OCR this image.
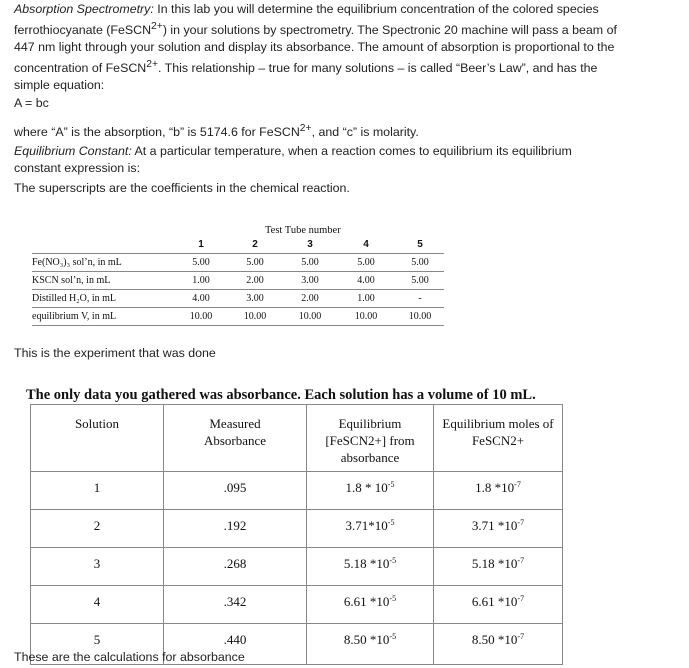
Absorption Spectrometry: In this lab you will determine the equilibrium concentration of the colored species ferrothiocyanate (FeSCN$^{2+}$) in your solutions by spectrometry. The Spectronic 20 machine will pass a beam of 447 nm light through your solution and display its absorbance. The amount of absorption is proportional to the concentration of FeSCN$^{2+}$. This relationship – true for many solutions – is called “Beer’s Law”, and has the simple equation:

A = bc
where “A” is the absorption, “b” is 5174.6 for FeSCN$^{2+}$, and “c” is molarity.
Equilibrium Constant: At a particular temperature, when a reaction comes to equilibrium its equilibrium constant expression is:
The superscripts are the coefficients in the chemical reaction.
Test Tube number
1	2	3	4	5
Fe(NO₃)₃ sol’n, in mL	5.00	5.00	5.00	5.00	5.00
KSCN sol’n, in mL	1.00	2.00	3.00	4.00	5.00
Distilled H₂O, in mL	4.00	3.00	2.00	1.00	-
equilibrium V, in mL	10.00	10.00	10.00	10.00	10.00
This is the experiment that was done
The only data you gathered was absorbance. Each solution has a volume of 10 mL.
Solution	Measured Absorbance	Equilibrium [FeSCN2+] from absorbance	Equilibrium moles of FeSCN2+

1	.095	$1.8 * 10^{-5}$	1.8 $*10^{-7}$
2	.192	$3.71*10^{-5}$	3.71 $*10^{-7}$
3	.268	5.18 $*10^{-5}$	5.18 $*10^{-7}$
4	.342	6.61 $*10^{-5}$	6.61 $*10^{-7}$
5	.440	8.50 $*10^{-5}$	8.50 $*10^{-7}$
These are the calculations for absorbance
